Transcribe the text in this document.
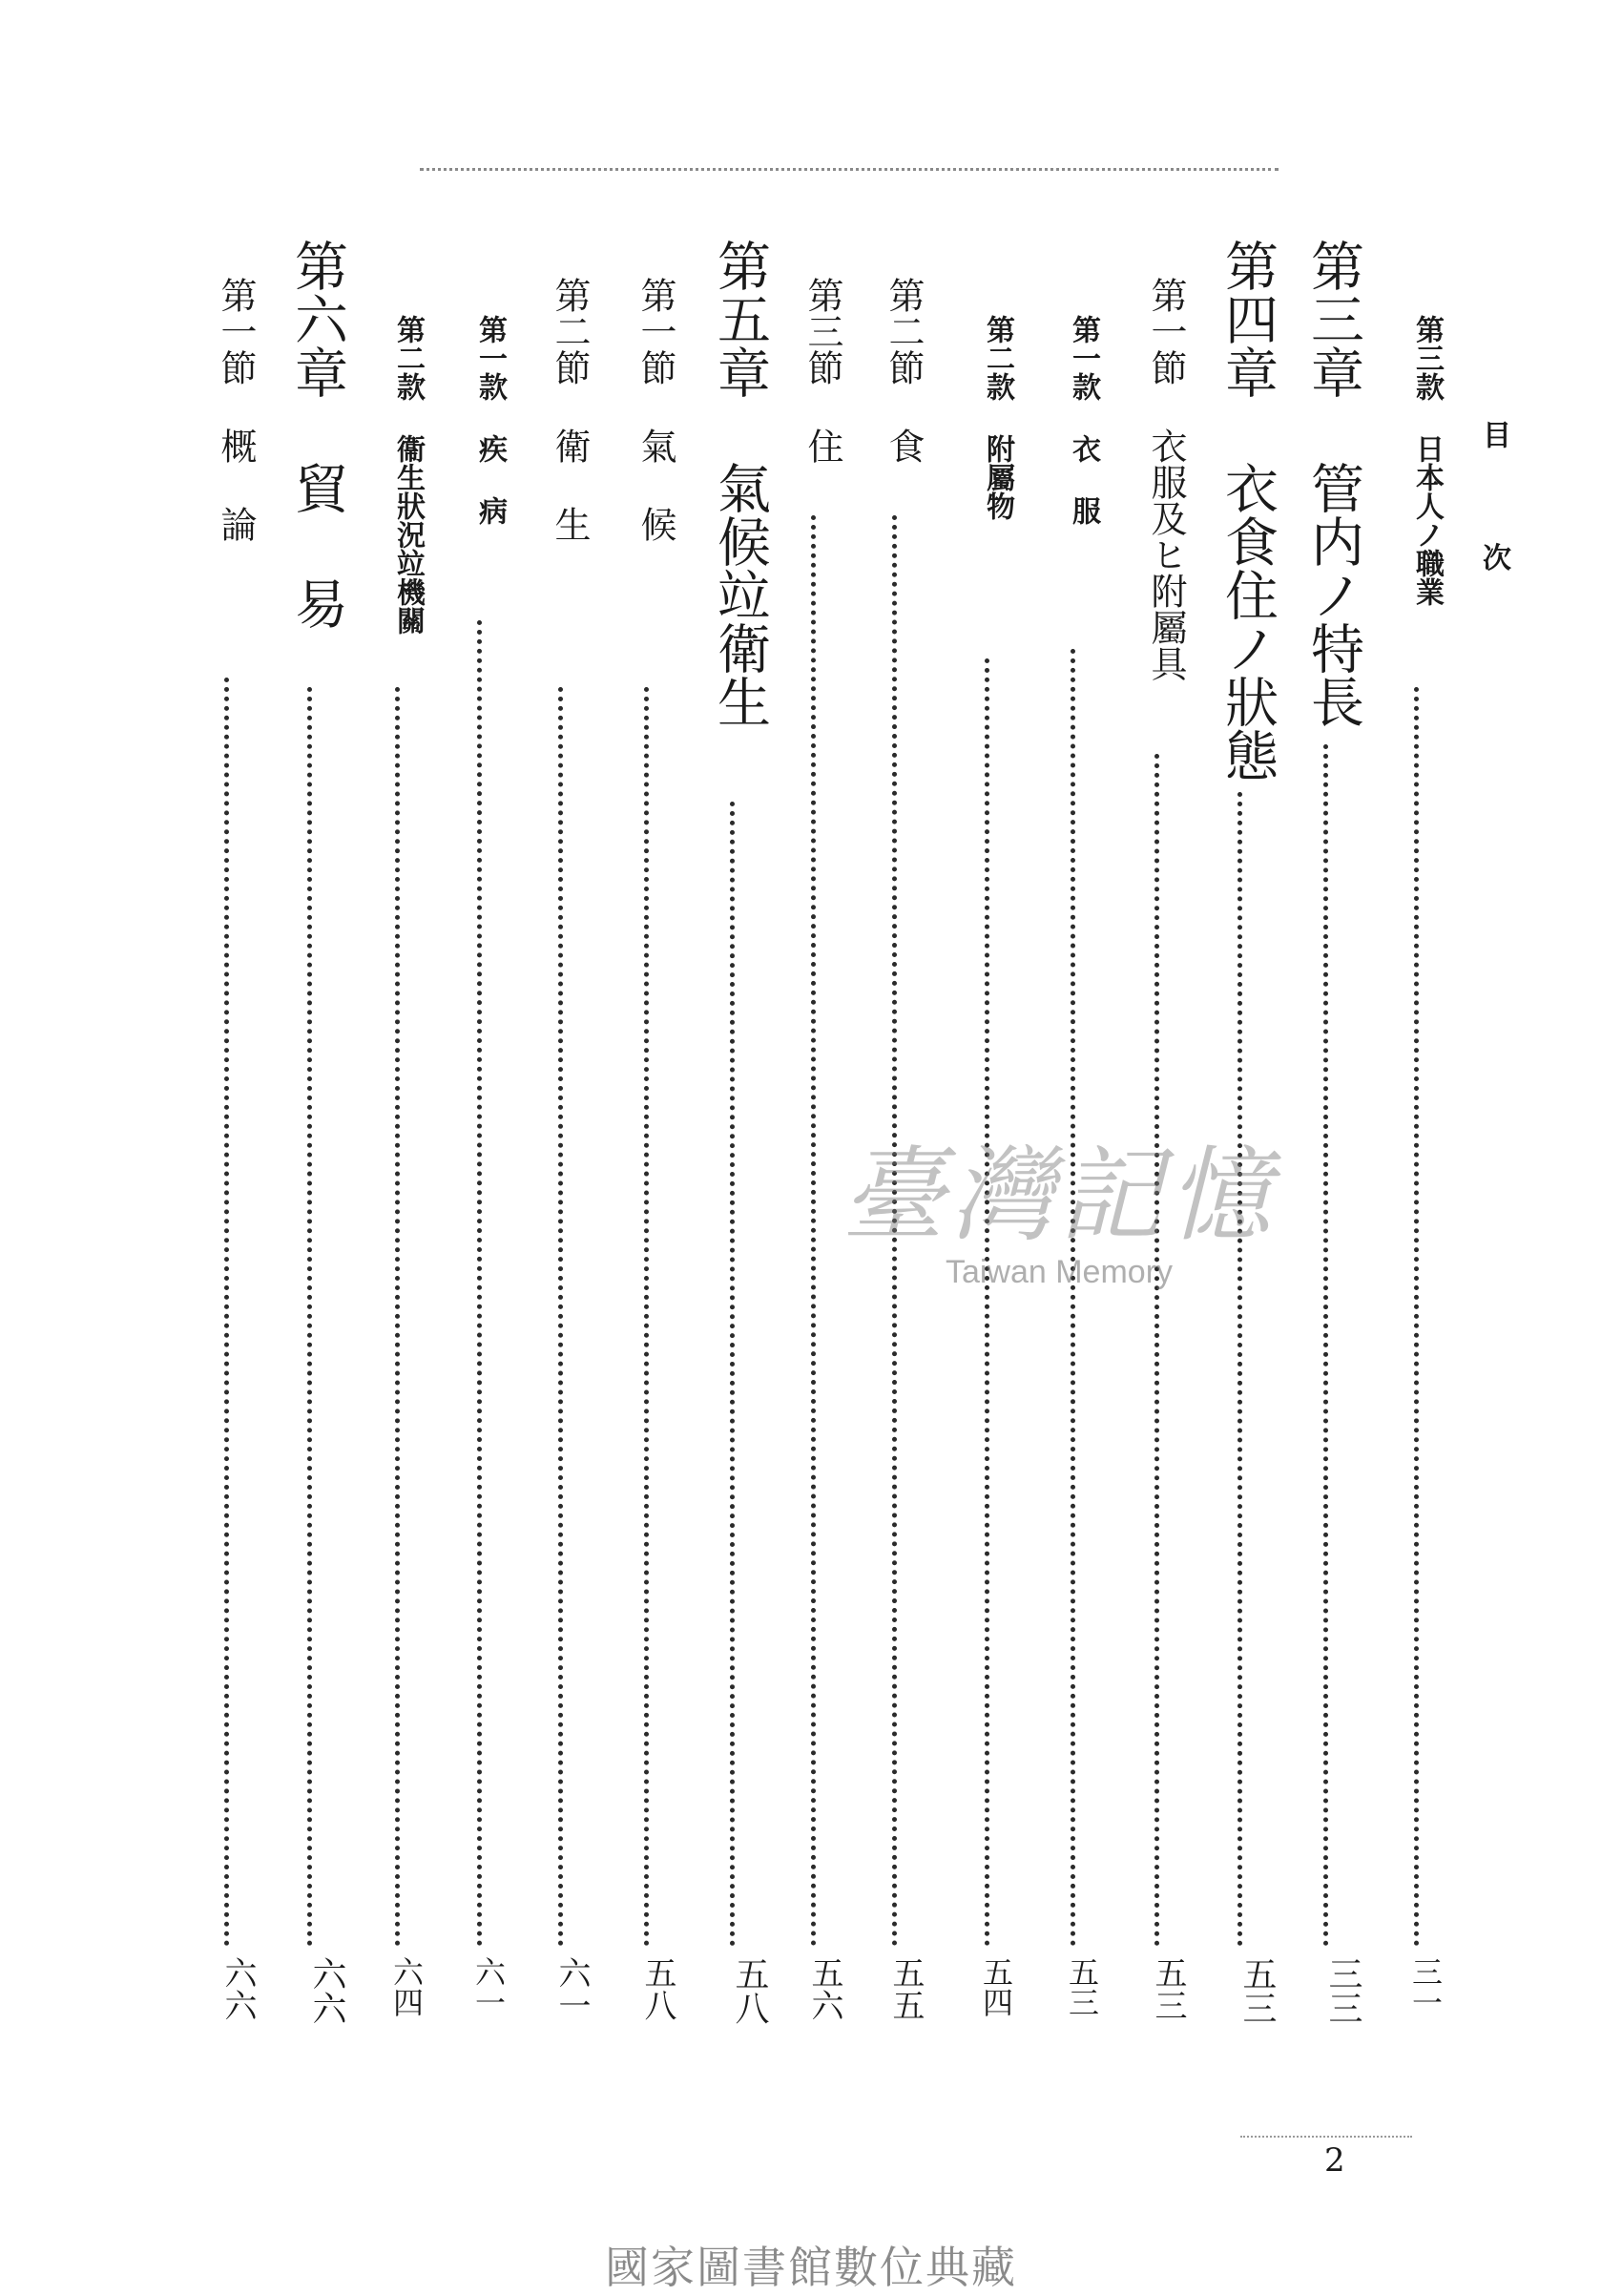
目 次
第三款 日本人ノ職業
三一
第三章 管内ノ特長
三三
第四章 衣食住ノ狀態
五三
第一節 衣服及ヒ附屬具
五三
第一款 衣 服
五三
第二款 附屬物
五四
第二節 食
五五
第三節 住
五六
第五章 氣候竝衛生
五八
第一節 氣 候
五八
第二節 衛 生
六一
第一款 疾 病
六一
第二款 衞生狀況竝機關
六四
第六章 貿 易
六六
第一節 概 論
六六
臺灣記憶
Taiwan Memory
2
國家圖書館數位典藏
